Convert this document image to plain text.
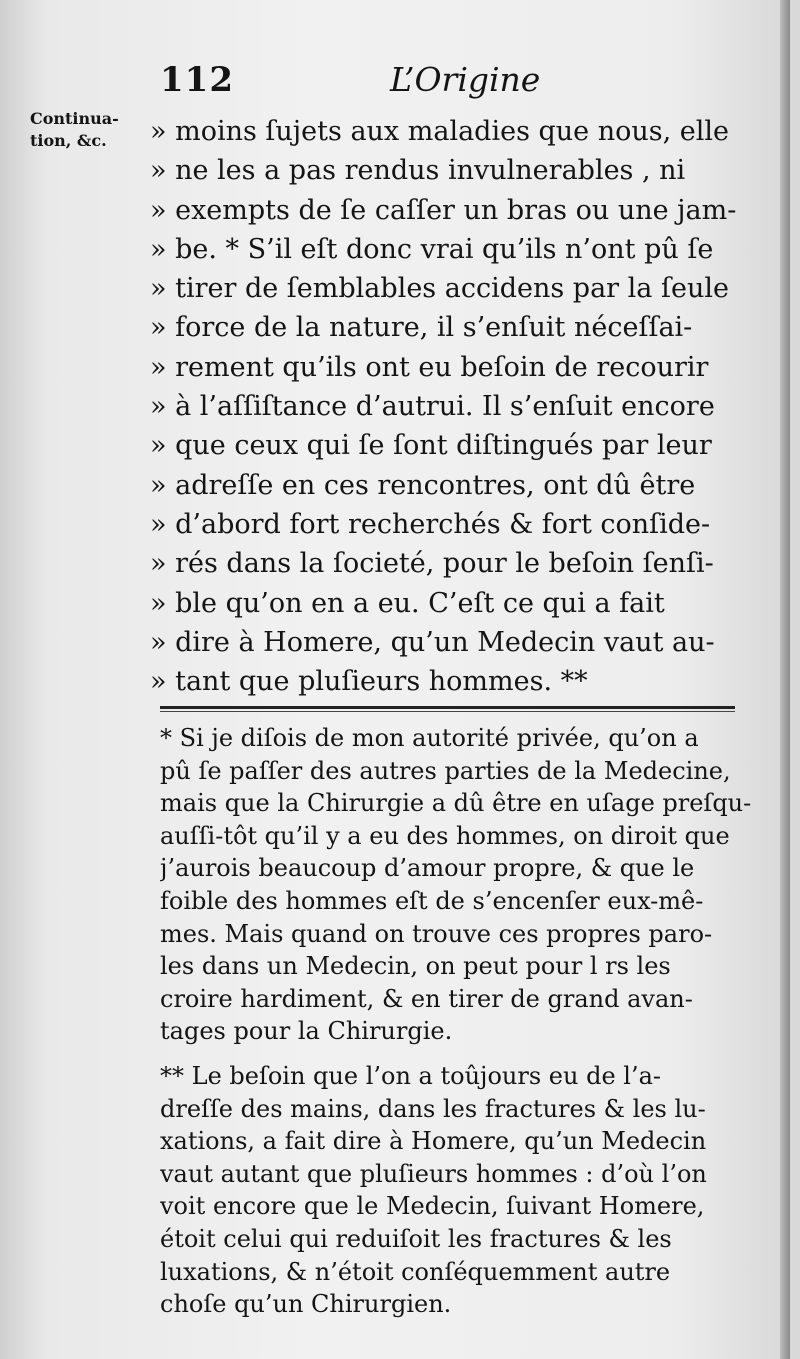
112	L’Origine
Continua-
tion, &c.	» moins ſujets aux maladies que nous, elle
» ne les a pas rendus invulnerables , ni
» exempts de ſe caſſer un bras ou une jam-
» be. * S’il eſt donc vrai qu’ils n’ont pû ſe
» tirer de ſemblables accidens par la ſeule
» force de la nature, il s’enſuit néceſſai-
» rement qu’ils ont eu beſoin de recourir
» à l’aſſiſtance d’autrui. Il s’enſuit encore
» que ceux qui ſe ſont diſtingués par leur
» adreſſe en ces rencontres, ont dû être
» d’abord fort recherchés & fort conſide-
» rés dans la ſocieté, pour le beſoin ſenſi-
» ble qu’on en a eu. C’eſt ce qui a fait
» dire à Homere, qu’un Medecin vaut au-
» tant que pluſieurs hommes. **
* Si je diſois de mon autorité privée, qu’on a
pû ſe paſſer des autres parties de la Medecine,
mais que la Chirurgie a dû être en uſage preſqu-
auſſi-tôt qu’il y a eu des hommes, on diroit que
j’aurois beaucoup d’amour propre, & que le
foible des hommes eſt de s’encenſer eux-mê-
mes. Mais quand on trouve ces propres paro-
les dans un Medecin, on peut pour l rs les
croire hardiment, & en tirer de grand avan-
tages pour la Chirurgie.
** Le beſoin que l’on a toûjours eu de l’a-
dreſſe des mains, dans les fractures & les lu-
xations, a fait dire à Homere, qu’un Medecin
vaut autant que pluſieurs hommes : d’où l’on
voit encore que le Medecin, ſuivant Homere,
étoit celui qui reduiſoit les fractures & les
luxations, & n’étoit conſéquemment autre
choſe qu’un Chirurgien.
